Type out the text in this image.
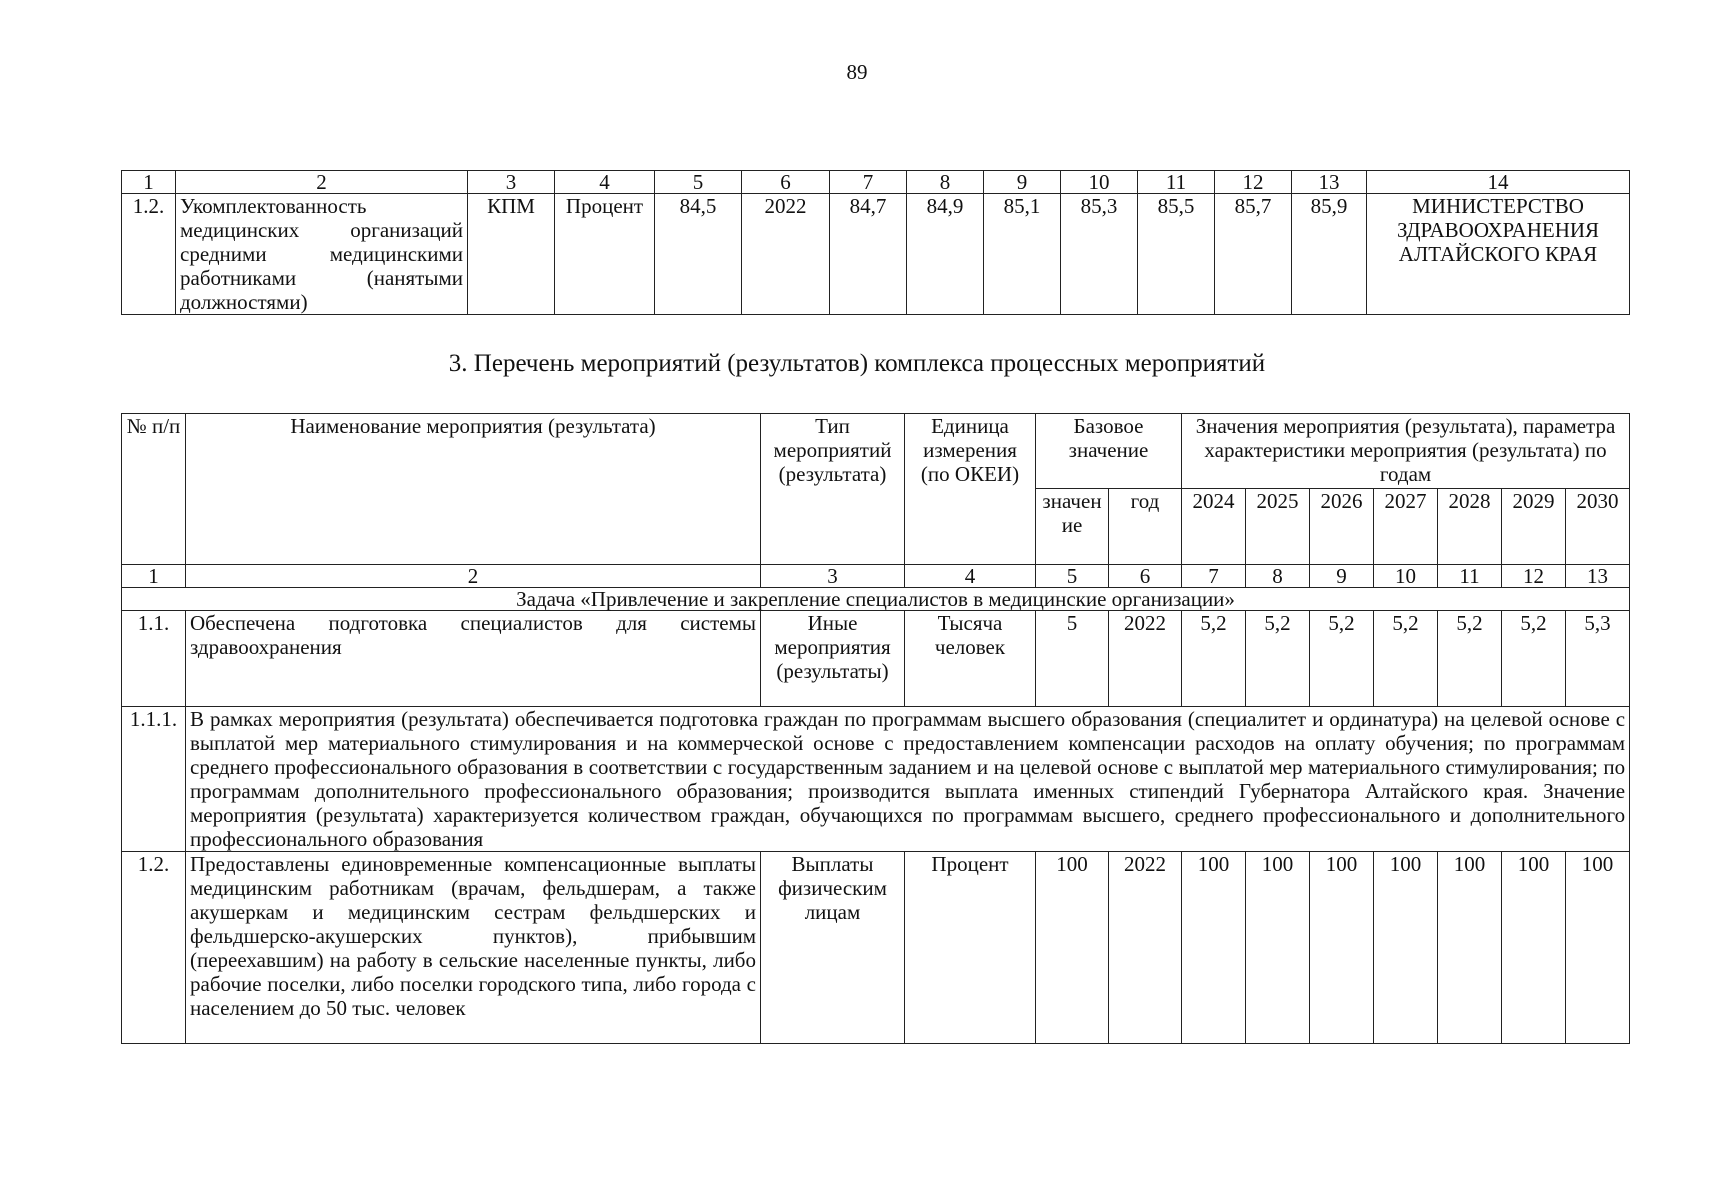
89
1	2	3	4	5	6	7	8	9	10	11	12	13	14
1.2.	Укомплектованность медицинских организаций средними медицинскими работниками (нанятыми должностями)	КПМ	Процент	84,5	2022	84,7	84,9	85,1	85,3	85,5	85,7	85,9	МИНИСТЕРСТВО ЗДРАВООХРАНЕНИЯ АЛТАЙСКОГО КРАЯ
3. Перечень мероприятий (результатов) комплекса процессных мероприятий
№ п/п	Наименование мероприятия (результата)	Тип мероприятий (результата)	Единица измерения (по ОКЕИ)	Базовое значение		Значения мероприятия (результата), параметра характеристики мероприятия (результата) по годам						
				значение	год	2024	2025	2026	2027	2028	2029	2030
1	2	3	4	5	6	7	8	9	10	11	12	13
Задача «Привлечение и закрепление специалистов в медицинские организации»												
1.1.	Обеспечена подготовка специалистов для системы здравоохранения	Иные мероприятия (результаты)	Тысяча человек	5	2022	5,2	5,2	5,2	5,2	5,2	5,2	5,3
1.1.1.	В рамках мероприятия (результата) обеспечивается подготовка граждан по программам высшего образования (специалитет и ординатура) на целевой основе с выплатой мер материального стимулирования и на коммерческой основе с предоставлением компенсации расходов на оплату обучения; по программам среднего профессионального образования в соответствии с государственным заданием и на целевой основе с выплатой мер материального стимулирования; по программам дополнительного профессионального образования; производится выплата именных стипендий Губернатора Алтайского края. Значение мероприятия (результата) характеризуется количеством граждан, обучающихся по программам высшего, среднего профессионального и дополнительного профессионального образования											
1.2.	Предоставлены единовременные компенсационные выплаты медицинским работникам (врачам, фельдшерам, а также акушеркам и медицинским сестрам фельдшерских и фельдшерско-акушерских пунктов), прибывшим (переехавшим) на работу в сельские населенные пункты, либо рабочие поселки, либо поселки городского типа, либо города с населением до 50 тыс. человек	Выплаты физическим лицам	Процент	100	2022	100	100	100	100	100	100	100
